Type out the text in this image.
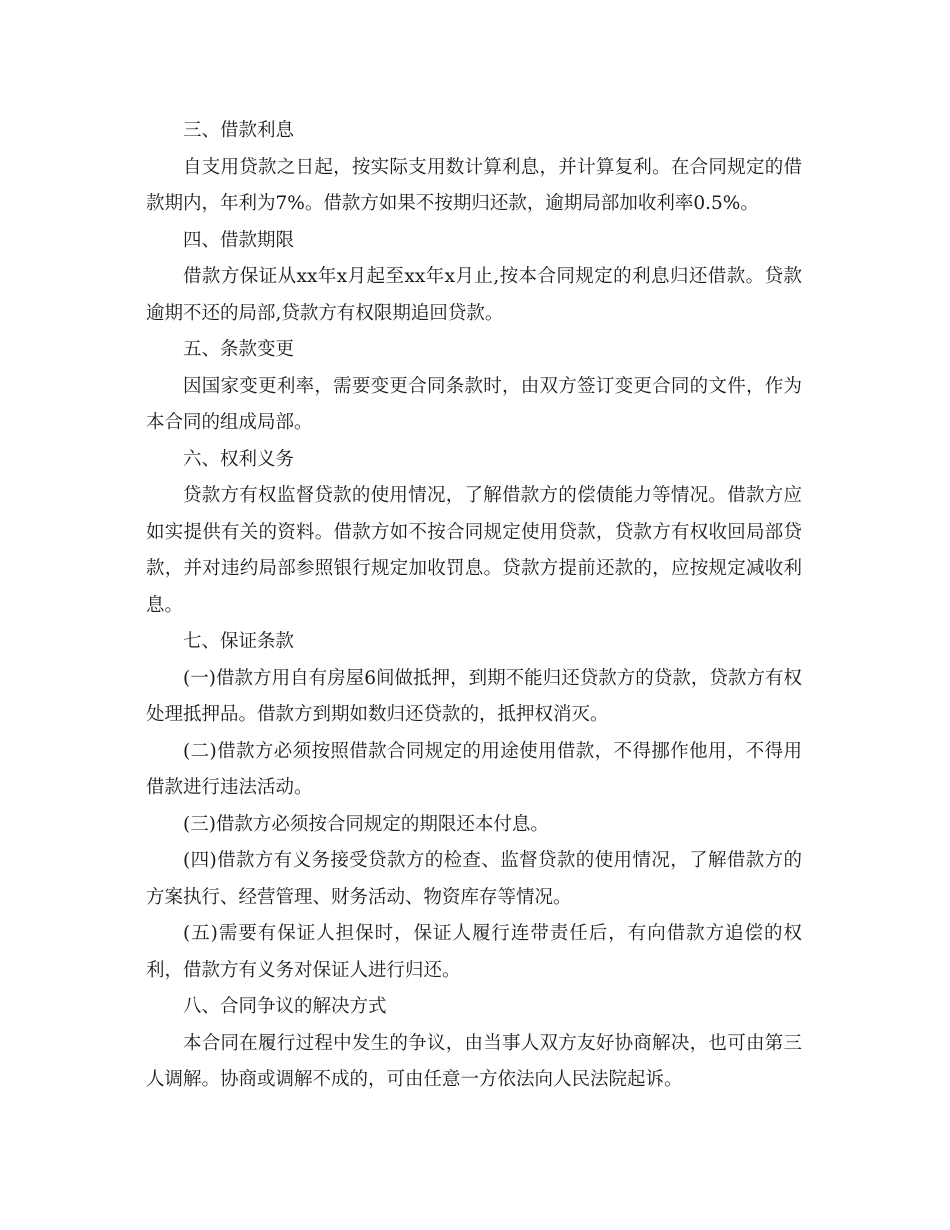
三、借款利息

自支用贷款之日起，按实际支用数计算利息，并计算复利。在合同规定的借款期内，年利为7%。借款方如果不按期归还款，逾期局部加收利率0.5%。

四、借款期限

借款方保证从xx年x月起至xx年x月止,按本合同规定的利息归还借款。贷款逾期不还的局部,贷款方有权限期追回贷款。

五、条款变更

因国家变更利率，需要变更合同条款时，由双方签订变更合同的文件，作为本合同的组成局部。

六、权利义务

贷款方有权监督贷款的使用情况，了解借款方的偿债能力等情况。借款方应如实提供有关的资料。借款方如不按合同规定使用贷款，贷款方有权收回局部贷款，并对违约局部参照银行规定加收罚息。贷款方提前还款的，应按规定减收利息。

七、保证条款

(一)借款方用自有房屋6间做抵押，到期不能归还贷款方的贷款，贷款方有权处理抵押品。借款方到期如数归还贷款的，抵押权消灭。

(二)借款方必须按照借款合同规定的用途使用借款，不得挪作他用，不得用借款进行违法活动。

(三)借款方必须按合同规定的期限还本付息。

(四)借款方有义务接受贷款方的检查、监督贷款的使用情况，了解借款方的方案执行、经营管理、财务活动、物资库存等情况。

(五)需要有保证人担保时，保证人履行连带责任后，有向借款方追偿的权利，借款方有义务对保证人进行归还。

八、合同争议的解决方式

本合同在履行过程中发生的争议，由当事人双方友好协商解决，也可由第三人调解。协商或调解不成的，可由任意一方依法向人民法院起诉。
